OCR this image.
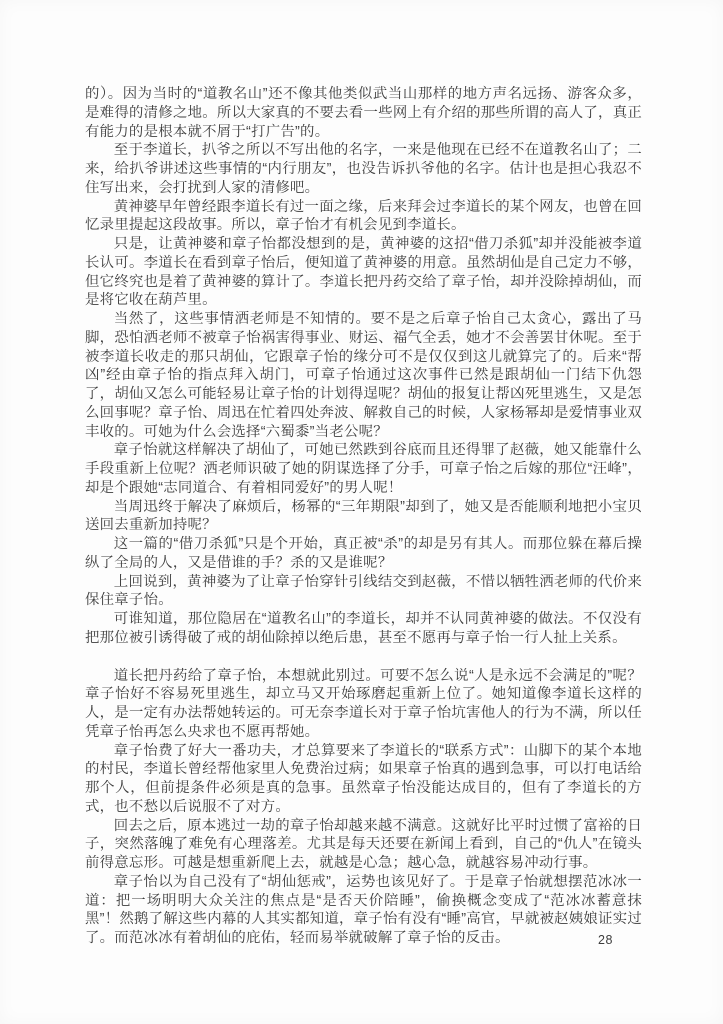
的）。因为当时的“道教名山”还不像其他类似武当山那样的地方声名远扬、游客众多，是难得的清修之地。所以大家真的不要去看一些网上有介绍的那些所谓的高人了，真正有能力的是根本就不屑于“打广告”的。

至于李道长，扒爷之所以不写出他的名字，一来是他现在已经不在道教名山了；二来，给扒爷讲述这些事情的“内行朋友”，也没告诉扒爷他的名字。估计也是担心我忍不住写出来，会打扰到人家的清修吧。

黄神婆早年曾经跟李道长有过一面之缘，后来拜会过李道长的某个网友，也曾在回忆录里提起这段故事。所以，章子怡才有机会见到李道长。

只是，让黄神婆和章子怡都没想到的是，黄神婆的这招“借刀杀狐”却并没能被李道长认可。李道长在看到章子怡后，便知道了黄神婆的用意。虽然胡仙是自己定力不够，但它终究也是着了黄神婆的算计了。李道长把丹药交给了章子怡，却并没除掉胡仙，而是将它收在葫芦里。

当然了，这些事情洒老师是不知情的。要不是之后章子怡自己太贪心，露出了马脚，恐怕洒老师不被章子怡祸害得事业、财运、福气全丢，她才不会善罢甘休呢。至于被李道长收走的那只胡仙，它跟章子怡的缘分可不是仅仅到这儿就算完了的。后来“帮凶”经由章子怡的指点拜入胡门，可章子怡通过这次事件已然是跟胡仙一门结下仇怨了，胡仙又怎么可能轻易让章子怡的计划得逞呢？胡仙的报复让帮凶死里逃生，又是怎么回事呢？章子怡、周迅在忙着四处奔波、解救自己的时候，人家杨幂却是爱情事业双丰收的。可她为什么会选择“六蜀黍”当老公呢？

章子怡就这样解决了胡仙了，可她已然跌到谷底而且还得罪了赵薇，她又能靠什么手段重新上位呢？洒老师识破了她的阴谋选择了分手，可章子怡之后嫁的那位“汪峰”，却是个跟她“志同道合、有着相同爱好”的男人呢！

当周迅终于解决了麻烦后，杨幂的“三年期限”却到了，她又是否能顺利地把小宝贝送回去重新加持呢？

这一篇的“借刀杀狐”只是个开始，真正被“杀”的却是另有其人。而那位躲在幕后操纵了全局的人，又是借谁的手？杀的又是谁呢？

上回说到，黄神婆为了让章子怡穿针引线结交到赵薇，不惜以牺牲洒老师的代价来保住章子怡。

可谁知道，那位隐居在“道教名山”的李道长，却并不认同黄神婆的做法。不仅没有把那位被引诱得破了戒的胡仙除掉以绝后患，甚至不愿再与章子怡一行人扯上关系。

道长把丹药给了章子怡，本想就此别过。可要不怎么说“人是永远不会满足的”呢？章子怡好不容易死里逃生，却立马又开始琢磨起重新上位了。她知道像李道长这样的人，是一定有办法帮她转运的。可无奈李道长对于章子怡坑害他人的行为不满，所以任凭章子怡再怎么央求也不愿再帮她。

章子怡费了好大一番功夫，才总算要来了李道长的“联系方式”：山脚下的某个本地的村民，李道长曾经帮他家里人免费治过病；如果章子怡真的遇到急事，可以打电话给那个人，但前提条件必须是真的急事。虽然章子怡没能达成目的，但有了李道长的方式，也不愁以后说服不了对方。

回去之后，原本逃过一劫的章子怡却越来越不满意。这就好比平时过惯了富裕的日子，突然落魄了难免有心理落差。尤其是每天还要在新闻上看到，自己的“仇人”在镜头前得意忘形。可越是想重新爬上去，就越是心急；越心急，就越容易冲动行事。

章子怡以为自己没有了“胡仙惩戒”，运势也该见好了。于是章子怡就想摆范冰冰一道：把一场明明大众关注的焦点是“是否天价陪睡”，偷换概念变成了“范冰冰蓄意抹黑”！然鹅了解这些内幕的人其实都知道，章子怡有没有“睡”高官，早就被赵姨娘证实过了。而范冰冰有着胡仙的庇佑，轻而易举就破解了章子怡的反击。	28
